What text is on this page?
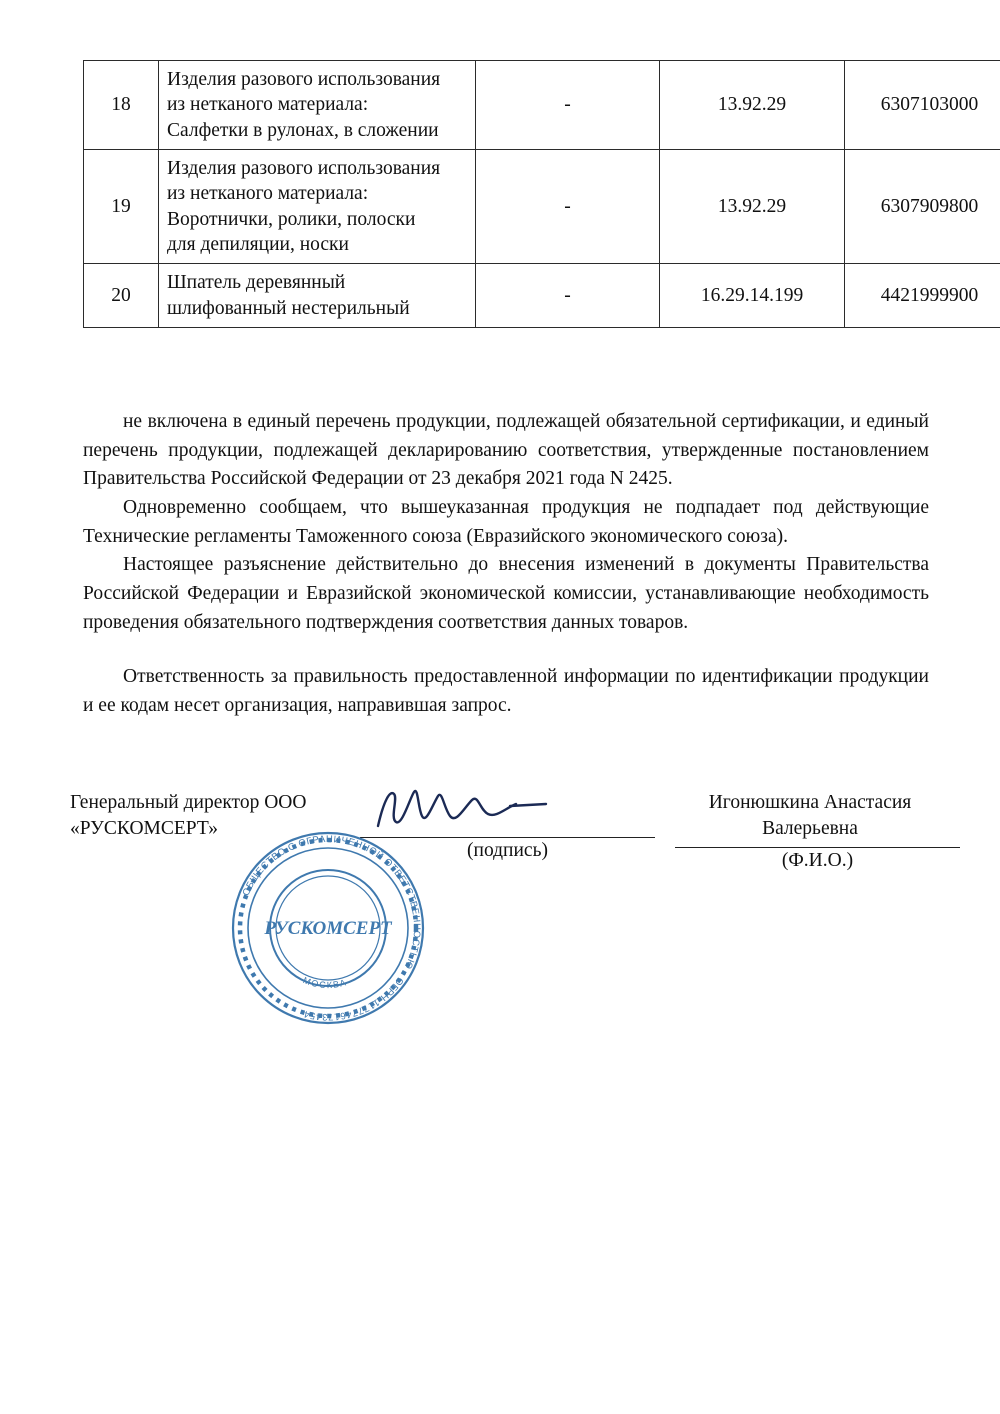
18	Изделия разового использования
из нетканого материала:
Салфетки в рулонах, в сложении	-	13.92.29	6307103000
19	Изделия разового использования
из нетканого материала:
Воротнички, ролики, полоски
для депиляции, носки	-	13.92.29	6307909800
20	Шпатель деревянный
шлифованный нестерильный	-	16.29.14.199	4421999900

не включена в единый перечень продукции, подлежащей обязательной сертификации, и единый перечень продукции, подлежащей декларированию соответствия, утвержденные постановлением Правительства Российской Федерации от 23 декабря 2021 года N 2425.

Одновременно сообщаем, что вышеуказанная продукция не подпадает под действующие Технические регламенты Таможенного союза (Евразийского экономического союза).

Настоящее разъяснение действительно до внесения изменений в документы Правительства Российской Федерации и Евразийской экономической комиссии, устанавливающие необходимость проведения обязательного подтверждения соответствия данных товаров.

Ответственность за правильность предоставленной информации по идентификации продукции и ее кодам несет организация, направившая запрос.

Генеральный директор ООО
«РУСКОМСЕРТ»
(подпись)
Игонюшкина Анастасия
Валерьевна
(Ф.И.О.)
ОБЩЕСТВО С ОГРАНИЧЕННОЙ ОТВЕТСТВЕННОСТЬЮ • ОГРН 1177746173454
МОСКВА
РУСКОМСЕРТ
